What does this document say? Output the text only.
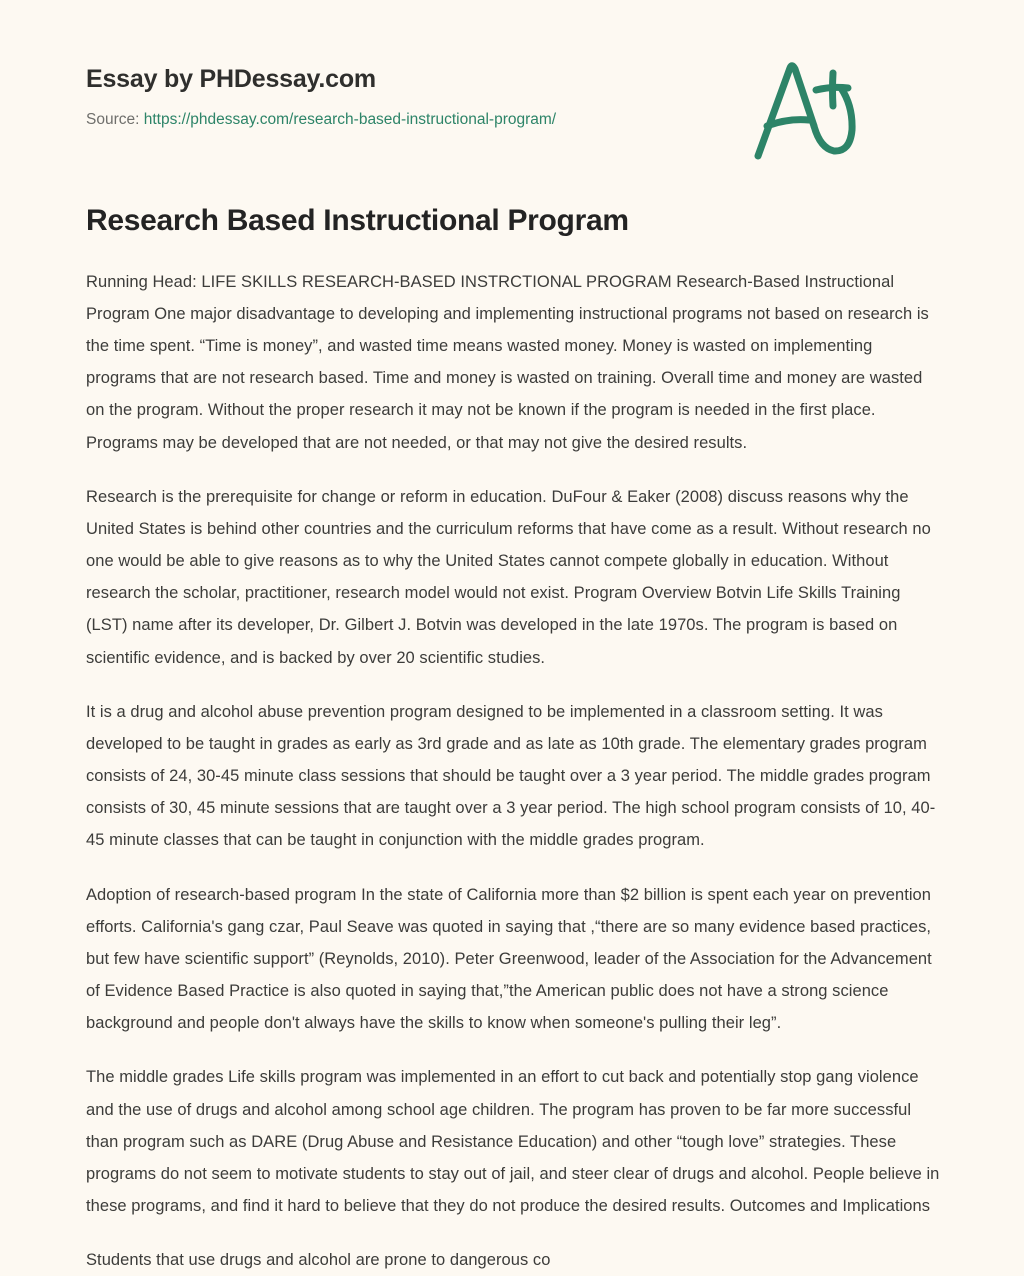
Essay by PHDessay.com
Source: https://phdessay.com/research-based-instructional-program/
Research Based Instructional Program

Running Head: LIFE SKILLS RESEARCH-BASED INSTRCTIONAL PROGRAM Research-Based Instructional Program One major disadvantage to developing and implementing instructional programs not based on research is the time spent. “Time is money”, and wasted time means wasted money. Money is wasted on implementing programs that are not research based. Time and money is wasted on training. Overall time and money are wasted on the program. Without the proper research it may not be known if the program is needed in the first place. Programs may be developed that are not needed, or that may not give the desired results.

Research is the prerequisite for change or reform in education. DuFour & Eaker (2008) discuss reasons why the United States is behind other countries and the curriculum reforms that have come as a result. Without research no one would be able to give reasons as to why the United States cannot compete globally in education. Without research the scholar, practitioner, research model would not exist. Program Overview Botvin Life Skills Training (LST) name after its developer, Dr. Gilbert J. Botvin was developed in the late 1970s. The program is based on scientific evidence, and is backed by over 20 scientific studies.

It is a drug and alcohol abuse prevention program designed to be implemented in a classroom setting. It was developed to be taught in grades as early as 3rd grade and as late as 10th grade. The elementary grades program consists of 24, 30-45 minute class sessions that should be taught over a 3 year period. The middle grades program consists of 30, 45 minute sessions that are taught over a 3 year period. The high school program consists of 10, 40-45 minute classes that can be taught in conjunction with the middle grades program.

Adoption of research-based program In the state of California more than $2 billion is spent each year on prevention efforts. California's gang czar, Paul Seave was quoted in saying that ,“there are so many evidence based practices, but few have scientific support” (Reynolds, 2010). Peter Greenwood, leader of the Association for the Advancement of Evidence Based Practice is also quoted in saying that,”the American public does not have a strong science background and people don't always have the skills to know when someone's pulling their leg”.

The middle grades Life skills program was implemented in an effort to cut back and potentially stop gang violence and the use of drugs and alcohol among school age children. The program has proven to be far more successful than program such as DARE (Drug Abuse and Resistance Education) and other “tough love” strategies. These programs do not seem to motivate students to stay out of jail, and steer clear of drugs and alcohol. People believe in these programs, and find it hard to believe that they do not produce the desired results. Outcomes and Implications

Students that use drugs and alcohol are prone to dangerous co
